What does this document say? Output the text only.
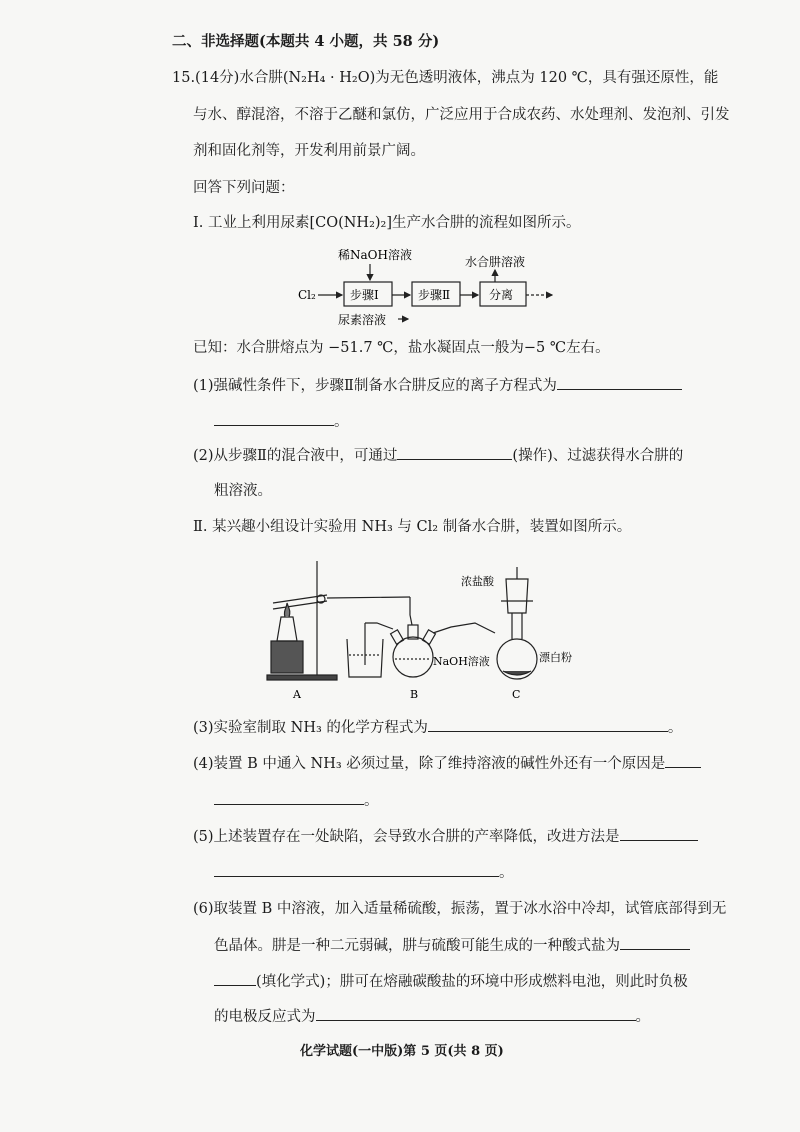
二、非选择题(本题共 4 小题，共 58 分)
15.(14分)水合肼(N₂H₄ · H₂O)为无色透明液体，沸点为 120 ℃，具有强还原性，能
与水、醇混溶，不溶于乙醚和氯仿，广泛应用于合成农药、水处理剂、发泡剂、引发
剂和固化剂等，开发利用前景广阔。
回答下列问题：
Ⅰ. 工业上利用尿素[CO(NH₂)₂]生产水合肼的流程如图所示。
稀NaOH溶液
Cl₂	步骤Ⅰ
尿素溶液
步骤Ⅱ	分离
水合肼溶液
已知：水合肼熔点为 −51.7 ℃，盐水凝固点一般为−5 ℃左右。
(1)强碱性条件下，步骤Ⅱ制备水合肼反应的离子方程式为
。
(2)从步骤Ⅱ的混合液中，可通过	(操作)、过滤获得水合肼的
粗溶液。
Ⅱ. 某兴趣小组设计实验用 NH₃ 与 Cl₂ 制备水合肼，装置如图所示。
A
NaOH溶液
B
浓盐酸
漂白粉
C
(3)实验室制取 NH₃ 的化学方程式为	。
(4)装置 B 中通入 NH₃ 必须过量，除了维持溶液的碱性外还有一个原因是
。
(5)上述装置存在一处缺陷，会导致水合肼的产率降低，改进方法是
。
(6)取装置 B 中溶液，加入适量稀硫酸，振荡，置于冰水浴中冷却，试管底部得到无
色晶体。肼是一种二元弱碱，肼与硫酸可能生成的一种酸式盐为
(填化学式)；肼可在熔融碳酸盐的环境中形成燃料电池，则此时负极
的电极反应式为	。
化学试题(一中版)第 5 页(共 8 页)
